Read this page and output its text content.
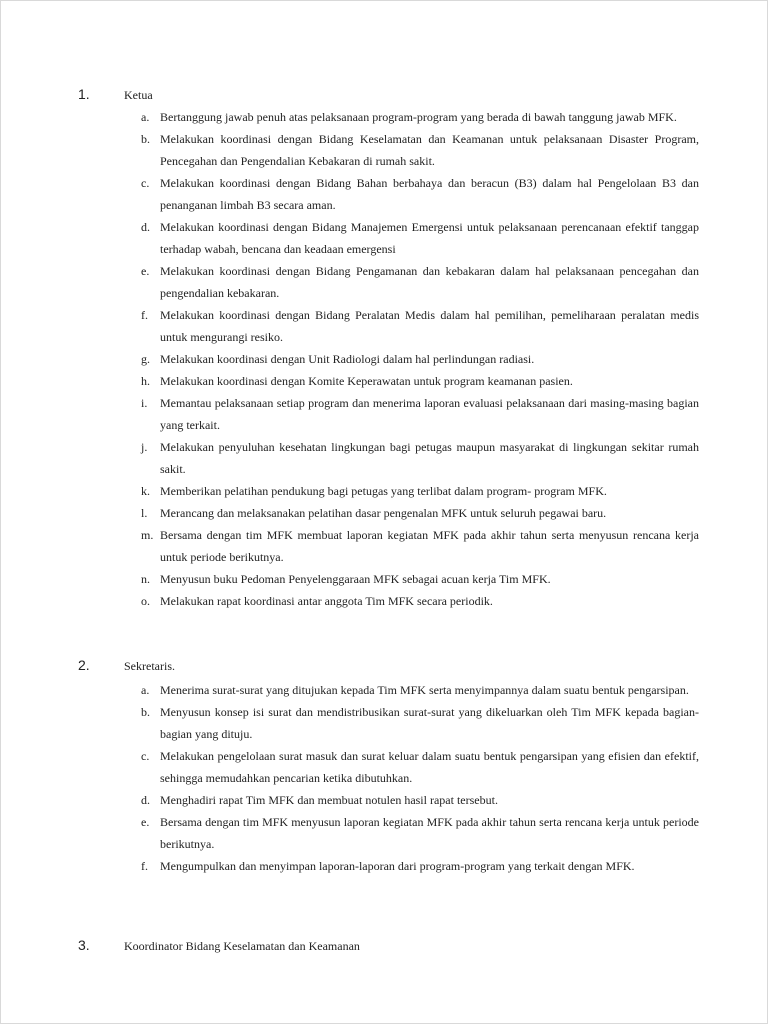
1.	Ketua
a. Bertanggung jawab penuh atas pelaksanaan program-program yang berada di bawah tanggung jawab MFK.
b. Melakukan koordinasi dengan Bidang Keselamatan dan Keamanan untuk pelaksanaan Disaster Program, Pencegahan dan Pengendalian Kebakaran di rumah sakit.
c. Melakukan koordinasi dengan Bidang Bahan berbahaya dan beracun (B3) dalam hal Pengelolaan B3 dan penanganan limbah B3 secara aman.
d. Melakukan koordinasi dengan Bidang Manajemen Emergensi untuk pelaksanaan perencanaan efektif tanggap terhadap wabah, bencana dan keadaan emergensi
e. Melakukan koordinasi dengan Bidang Pengamanan dan kebakaran dalam hal pelaksanaan pencegahan dan pengendalian kebakaran.
f. Melakukan koordinasi dengan Bidang Peralatan Medis dalam hal pemilihan, pemeliharaan peralatan medis untuk mengurangi resiko.
g. Melakukan koordinasi dengan Unit Radiologi dalam hal perlindungan radiasi.
h. Melakukan koordinasi dengan Komite Keperawatan untuk program keamanan pasien.
i. Memantau pelaksanaan setiap program dan menerima laporan evaluasi pelaksanaan dari masing-masing bagian yang terkait.
j. Melakukan penyuluhan kesehatan lingkungan bagi petugas maupun masyarakat di lingkungan sekitar rumah sakit.
k. Memberikan pelatihan pendukung bagi petugas yang terlibat dalam program- program MFK.
l. Merancang dan melaksanakan pelatihan dasar pengenalan MFK untuk seluruh pegawai baru.
m. Bersama dengan tim MFK membuat laporan kegiatan MFK pada akhir tahun serta menyusun rencana kerja untuk periode berikutnya.
n. Menyusun buku Pedoman Penyelenggaraan MFK sebagai acuan kerja Tim MFK.
o. Melakukan rapat koordinasi antar anggota Tim MFK secara periodik.
2.	Sekretaris.
a. Menerima surat-surat yang ditujukan kepada Tim MFK serta menyimpannya dalam suatu bentuk pengarsipan.
b. Menyusun konsep isi surat dan mendistribusikan surat-surat yang dikeluarkan oleh Tim MFK kepada bagian-bagian yang dituju.
c. Melakukan pengelolaan surat masuk dan surat keluar dalam suatu bentuk pengarsipan yang efisien dan efektif, sehingga memudahkan pencarian ketika dibutuhkan.
d. Menghadiri rapat Tim MFK dan membuat notulen hasil rapat tersebut.
e. Bersama dengan tim MFK menyusun laporan kegiatan MFK pada akhir tahun serta rencana kerja untuk periode berikutnya.
f. Mengumpulkan dan menyimpan laporan-laporan dari program-program yang terkait dengan MFK.
3.	Koordinator Bidang Keselamatan dan Keamanan
